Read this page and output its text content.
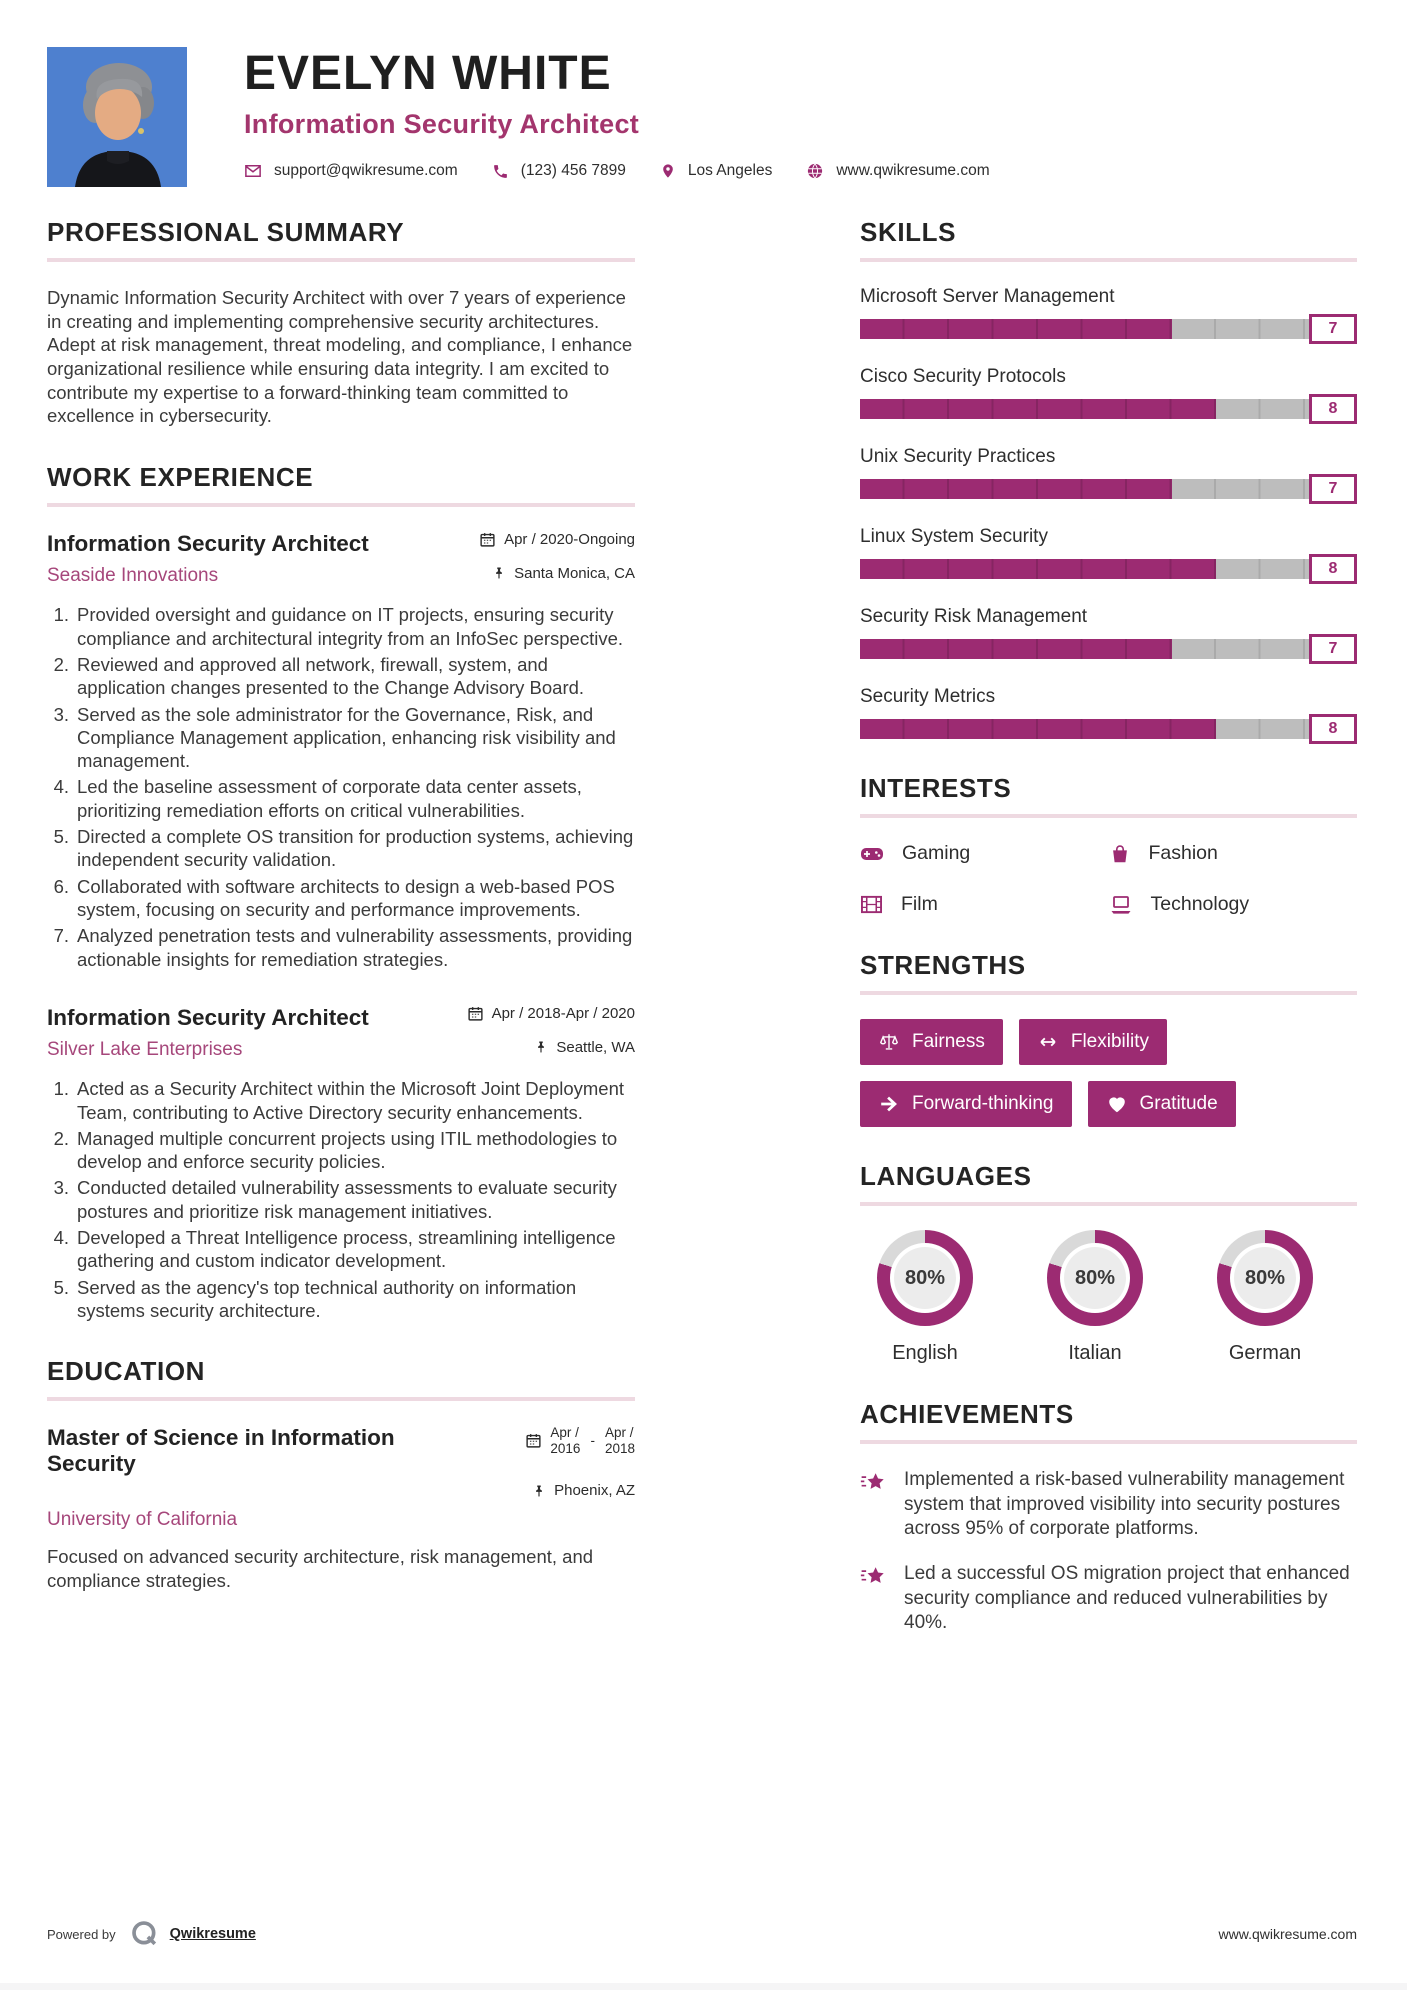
EVELYN WHITE
Information Security Architect
support@qwikresume.com	(123) 456 7899	Los Angeles	www.qwikresume.com
PROFESSIONAL SUMMARY

Dynamic Information Security Architect with over 7 years of experience in creating and implementing comprehensive security architectures. Adept at risk management, threat modeling, and compliance, I enhance organizational resilience while ensuring data integrity. I am excited to contribute my expertise to a forward-thinking team committed to excellence in cybersecurity.

WORK EXPERIENCE
Information Security Architect	Apr / 2020-Ongoing
Seaside Innovations	Santa Monica, CA
Provided oversight and guidance on IT projects, ensuring security compliance and architectural integrity from an InfoSec perspective.
Reviewed and approved all network, firewall, system, and application changes presented to the Change Advisory Board.
Served as the sole administrator for the Governance, Risk, and Compliance Management application, enhancing risk visibility and management.
Led the baseline assessment of corporate data center assets, prioritizing remediation efforts on critical vulnerabilities.
Directed a complete OS transition for production systems, achieving independent security validation.
Collaborated with software architects to design a web-based POS system, focusing on security and performance improvements.
Analyzed penetration tests and vulnerability assessments, providing actionable insights for remediation strategies.
Information Security Architect	Apr / 2018-Apr / 2020
Silver Lake Enterprises	Seattle, WA
Acted as a Security Architect within the Microsoft Joint Deployment Team, contributing to Active Directory security enhancements.
Managed multiple concurrent projects using ITIL methodologies to develop and enforce security policies.
Conducted detailed vulnerability assessments to evaluate security postures and prioritize risk management initiatives.
Developed a Threat Intelligence process, streamlining intelligence gathering and custom indicator development.
Served as the agency's top technical authority on information systems security architecture.
EDUCATION
Master of Science in Information Security
Apr /
2016 -
Apr /
2018
Phoenix, AZ
University of California

Focused on advanced security architecture, risk management, and compliance strategies.

SKILLS
Microsoft Server Management
7
Cisco Security Protocols
8
Unix Security Practices
7
Linux System Security
8
Security Risk Management
7
Security Metrics
8
INTERESTS
Gaming	Fashion
Film	Technology
STRENGTHS
Fairness	Flexibility
Forward-thinking	Gratitude
LANGUAGES
80%
English
80%
Italian
80%
German
ACHIEVEMENTS
Implemented a risk-based vulnerability management system that improved visibility into security postures across 95% of corporate platforms.
Led a successful OS migration project that enhanced security compliance and reduced vulnerabilities by 40%.
Powered by	Qwikresume	www.qwikresume.com
